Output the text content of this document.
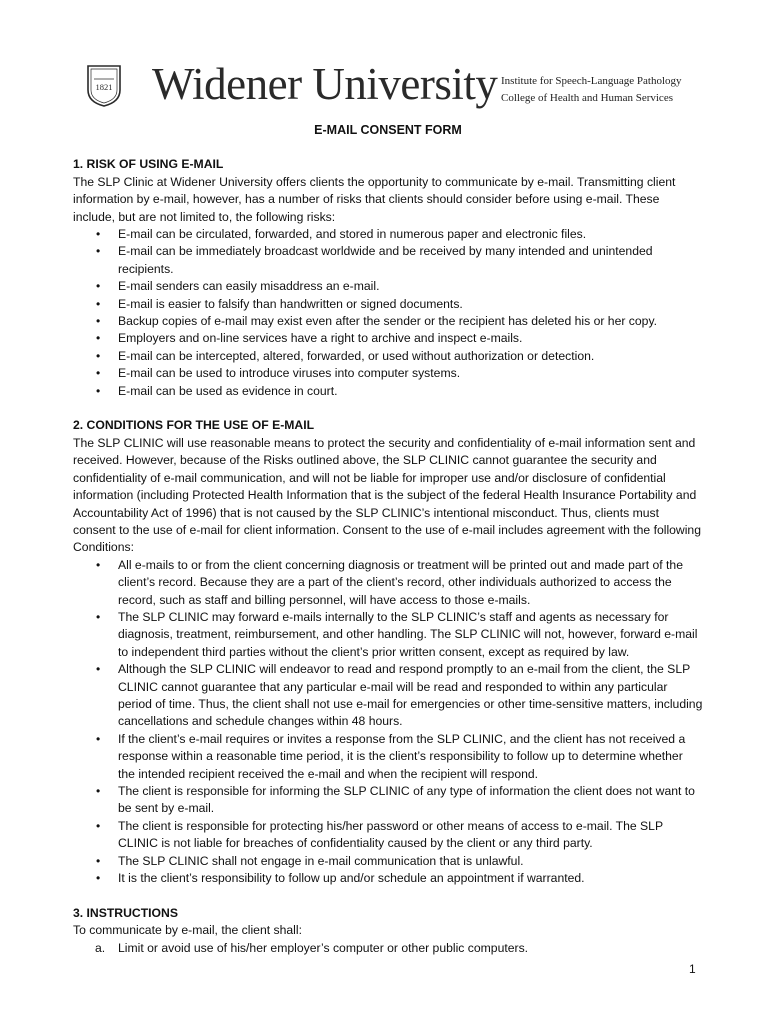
1821 Widener University Institute for Speech-Language Pathology
College of Health and Human Services
E-MAIL CONSENT FORM

1. RISK OF USING E-MAIL

The SLP Clinic at Widener University offers clients the opportunity to communicate by e-mail. Transmitting client information by e-mail, however, has a number of risks that clients should consider before using e-mail. These include, but are not limited to, the following risks:

• E-mail can be circulated, forwarded, and stored in numerous paper and electronic files.
• E-mail can be immediately broadcast worldwide and be received by many intended and unintended recipients.
• E-mail senders can easily misaddress an e-mail.
• E-mail is easier to falsify than handwritten or signed documents.
• Backup copies of e-mail may exist even after the sender or the recipient has deleted his or her copy.
• Employers and on-line services have a right to archive and inspect e-mails.
• E-mail can be intercepted, altered, forwarded, or used without authorization or detection.
• E-mail can be used to introduce viruses into computer systems.
• E-mail can be used as evidence in court.

2. CONDITIONS FOR THE USE OF E-MAIL

The SLP CLINIC will use reasonable means to protect the security and confidentiality of e-mail information sent and received. However, because of the Risks outlined above, the SLP CLINIC cannot guarantee the security and confidentiality of e-mail communication, and will not be liable for improper use and/or disclosure of confidential information (including Protected Health Information that is the subject of the federal Health Insurance Portability and Accountability Act of 1996) that is not caused by the SLP CLINIC’s intentional misconduct. Thus, clients must consent to the use of e-mail for client information. Consent to the use of e-mail includes agreement with the following Conditions:

• All e-mails to or from the client concerning diagnosis or treatment will be printed out and made part of the client’s record. Because they are a part of the client’s record, other individuals authorized to access the record, such as staff and billing personnel, will have access to those e-mails.
• The SLP CLINIC may forward e-mails internally to the SLP CLINIC’s staff and agents as necessary for diagnosis, treatment, reimbursement, and other handling. The SLP CLINIC will not, however, forward e-mail to independent third parties without the client’s prior written consent, except as required by law.
• Although the SLP CLINIC will endeavor to read and respond promptly to an e-mail from the client, the SLP CLINIC cannot guarantee that any particular e-mail will be read and responded to within any particular period of time. Thus, the client shall not use e-mail for emergencies or other time-sensitive matters, including cancellations and schedule changes within 48 hours.
• If the client’s e-mail requires or invites a response from the SLP CLINIC, and the client has not received a response within a reasonable time period, it is the client’s responsibility to follow up to determine whether the intended recipient received the e-mail and when the recipient will respond.
• The client is responsible for informing the SLP CLINIC of any type of information the client does not want to be sent by e-mail.
• The client is responsible for protecting his/her password or other means of access to e-mail. The SLP CLINIC is not liable for breaches of confidentiality caused by the client or any third party.
• The SLP CLINIC shall not engage in e-mail communication that is unlawful.
• It is the client’s responsibility to follow up and/or schedule an appointment if warranted.

3. INSTRUCTIONS

To communicate by e-mail, the client shall:

a. Limit or avoid use of his/her employer’s computer or other public computers.
1
